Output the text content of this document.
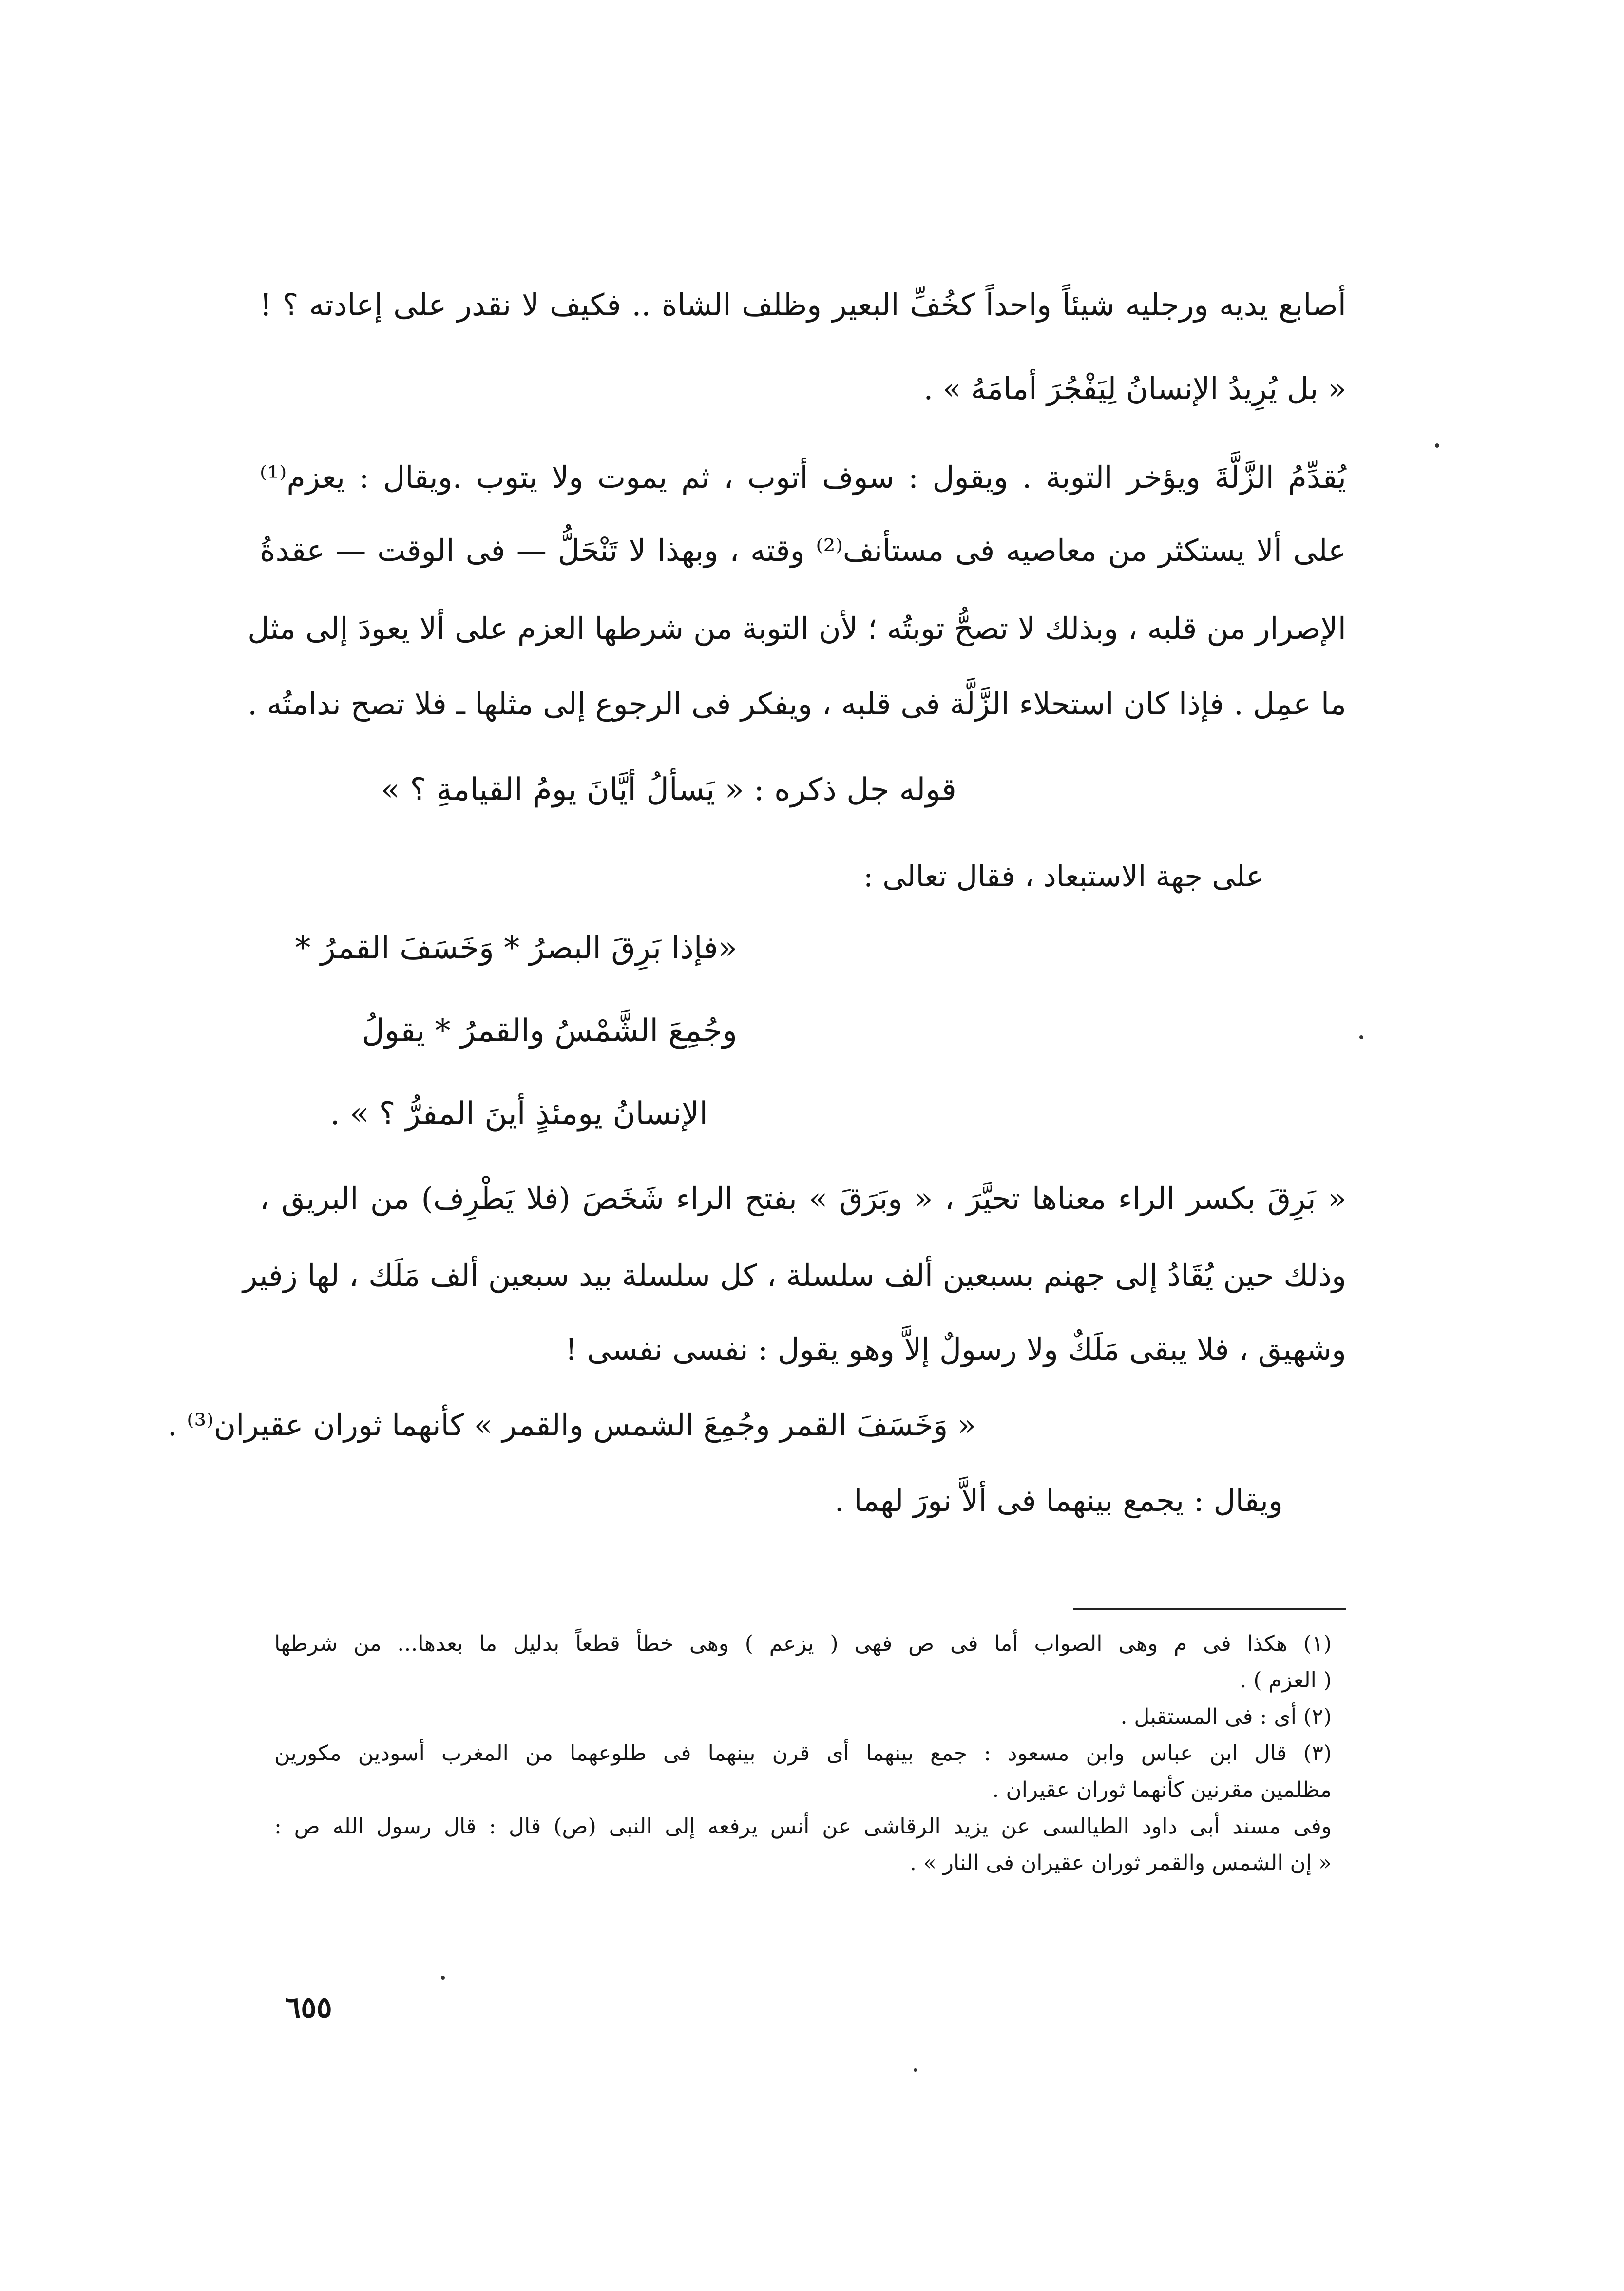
أصابع يديه ورجليه شيئاً واحداً كخُفِّ البعير وظلف الشاة .. فكيف لا نقدر على إعادته ؟ !

« بل يُرِيدُ الإنسانُ لِيَفْجُرَ أمامَهُ » .

يُقدِّمُ الزَّلَّةَ ويؤخر التوبة . ويقول : سوف أتوب ، ثم يموت ولا يتوب .ويقال : يعزم⁽¹⁾

على ألا يستكثر من معاصيه فى مستأنف⁽²⁾ وقته ، وبهذا لا تَنْحَلُّ — فى الوقت — عقدةُ

الإصرار من قلبه ، وبذلك لا تصحُّ توبتُه ؛ لأن التوبة من شرطها العزم على ألا يعودَ إلى مثل

ما عمِل . فإذا كان استحلاء الزَّلَّة فى قلبه ، ويفكر فى الرجوع إلى مثلها ـ فلا تصح ندامتُه .

قوله جل ذكره : « يَسألُ أيَّانَ يومُ القيامةِ ؟ »

على جهة الاستبعاد ، فقال تعالى :

«فإذا بَرِقَ البصرُ * وَخَسَفَ القمرُ *

وجُمِعَ الشَّمْسُ والقمرُ * يقولُ

الإنسانُ يومئذٍ أينَ المفرُّ ؟ » .

« بَرِقَ بكسر الراء معناها تحيَّرَ ، « وبَرَقَ » بفتح الراء شَخَصَ (فلا يَطْرِف) من البريق ،

وذلك حين يُقَادُ إلى جهنم بسبعين ألف سلسلة ، كل سلسلة بيد سبعين ألف مَلَك ، لها زفير

وشهيق ، فلا يبقى مَلَكٌ ولا رسولٌ إلاَّ وهو يقول : نفسى نفسى !

« وَخَسَفَ القمر وجُمِعَ الشمس والقمر » كأنهما ثوران عقيران⁽³⁾ .

ويقال : يجمع بينهما فى ألاَّ نورَ لهما .

(١) هكذا فى م وهى الصواب أما فى ص فهى ( يزعم ) وهى خطأ قطعاً بدليل ما بعدها... من شرطها

( العزم ) .

(٢) أى : فى المستقبل .

(٣) قال ابن عباس وابن مسعود : جمع بينهما أى قرن بينهما فى طلوعهما من المغرب أسودين مكورين

مظلمين مقرنين كأنهما ثوران عقيران .

وفى مسند أبى داود الطيالسى عن يزيد الرقاشى عن أنس يرفعه إلى النبى (ص) قال : قال رسول الله ص :

« إن الشمس والقمر ثوران عقيران فى النار » .

٦٥٥
